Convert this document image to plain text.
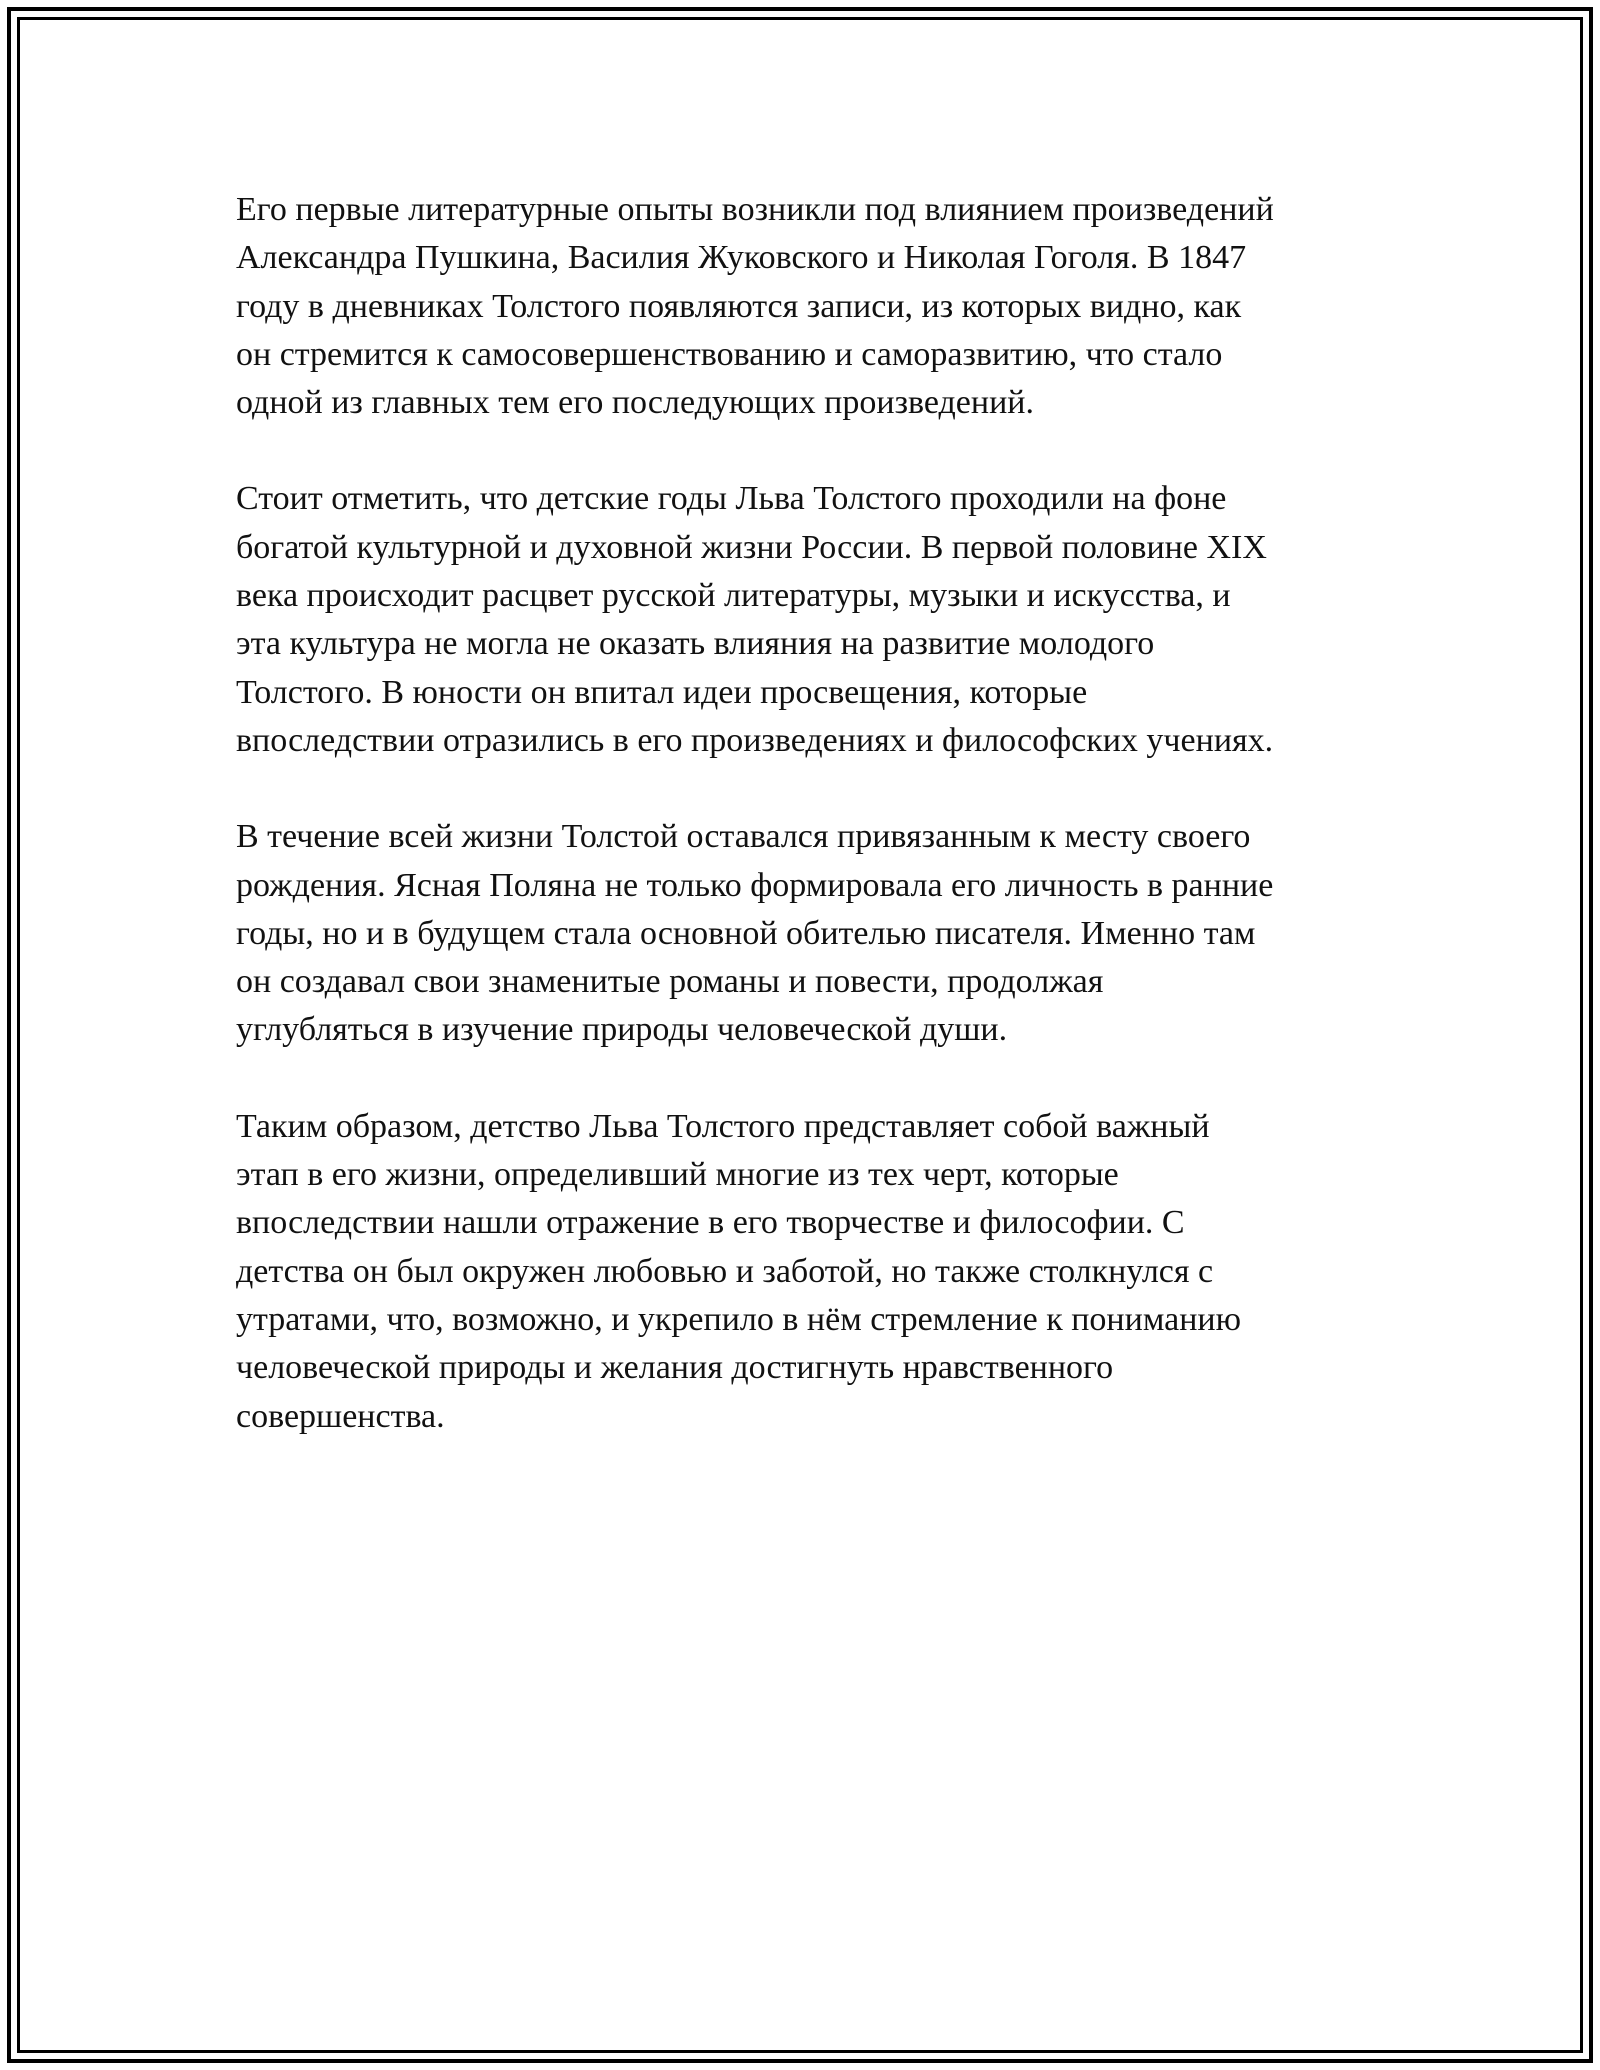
Его первые литературные опыты возникли под влиянием произведений
Александра Пушкина, Василия Жуковского и Николая Гоголя. В 1847
году в дневниках Толстого появляются записи, из которых видно, как
он стремится к самосовершенствованию и саморазвитию, что стало
одной из главных тем его последующих произведений.

Стоит отметить, что детские годы Льва Толстого проходили на фоне
богатой культурной и духовной жизни России. В первой половине XIX
века происходит расцвет русской литературы, музыки и искусства, и
эта культура не могла не оказать влияния на развитие молодого
Толстого. В юности он впитал идеи просвещения, которые
впоследствии отразились в его произведениях и философских учениях.

В течение всей жизни Толстой оставался привязанным к месту своего
рождения. Ясная Поляна не только формировала его личность в ранние
годы, но и в будущем стала основной обителью писателя. Именно там
он создавал свои знаменитые романы и повести, продолжая
углубляться в изучение природы человеческой души.

Таким образом, детство Льва Толстого представляет собой важный
этап в его жизни, определивший многие из тех черт, которые
впоследствии нашли отражение в его творчестве и философии. С
детства он был окружен любовью и заботой, но также столкнулся с
утратами, что, возможно, и укрепило в нём стремление к пониманию
человеческой природы и желания достигнуть нравственного
совершенства.
